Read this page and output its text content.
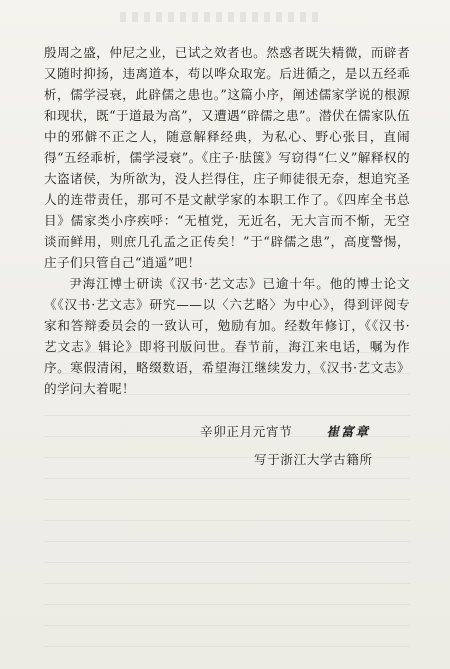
殷周之盛，仲尼之业，已试之效者也。然惑者既失精微，而辟者又随时抑扬，违离道本，苟以哗众取宠。后进循之，是以五经乖析，儒学浸衰，此辟儒之患也。”这篇小序，阐述儒家学说的根源和现状，既“于道最为高”，又遭遇“辟儒之患”。潜伏在儒家队伍中的邪僻不正之人，随意解释经典，为私心、野心张目，直闹得“五经乖析，儒学浸衰”。《庄子·胠箧》写窃得“仁义”解释权的大盗诸侯，为所欲为，没人拦得住，庄子师徒很无奈，想追究圣人的连带责任，那可不是文献学家的本职工作了。《四库全书总目》儒家类小序疾呼：“无植党，无近名，无大言而不惭，无空谈而鲜用，则庶几孔孟之正传矣！”于“辟儒之患”，高度警惕，庄子们只管自己“逍遥”吧！

尹海江博士研读《汉书·艺文志》已逾十年。他的博士论文《《汉书·艺文志》研究——以〈六艺略〉为中心》，得到评阅专家和答辩委员会的一致认可，勉励有加。经数年修订，《《汉书·艺文志》辑论》即将刊版问世。春节前，海江来电话，嘱为作序。寒假清闲，略缀数语，希望海江继续发力，《汉书·艺文志》的学问大着呢！

辛卯正月元宵节	崔富章
写于浙江大学古籍所
